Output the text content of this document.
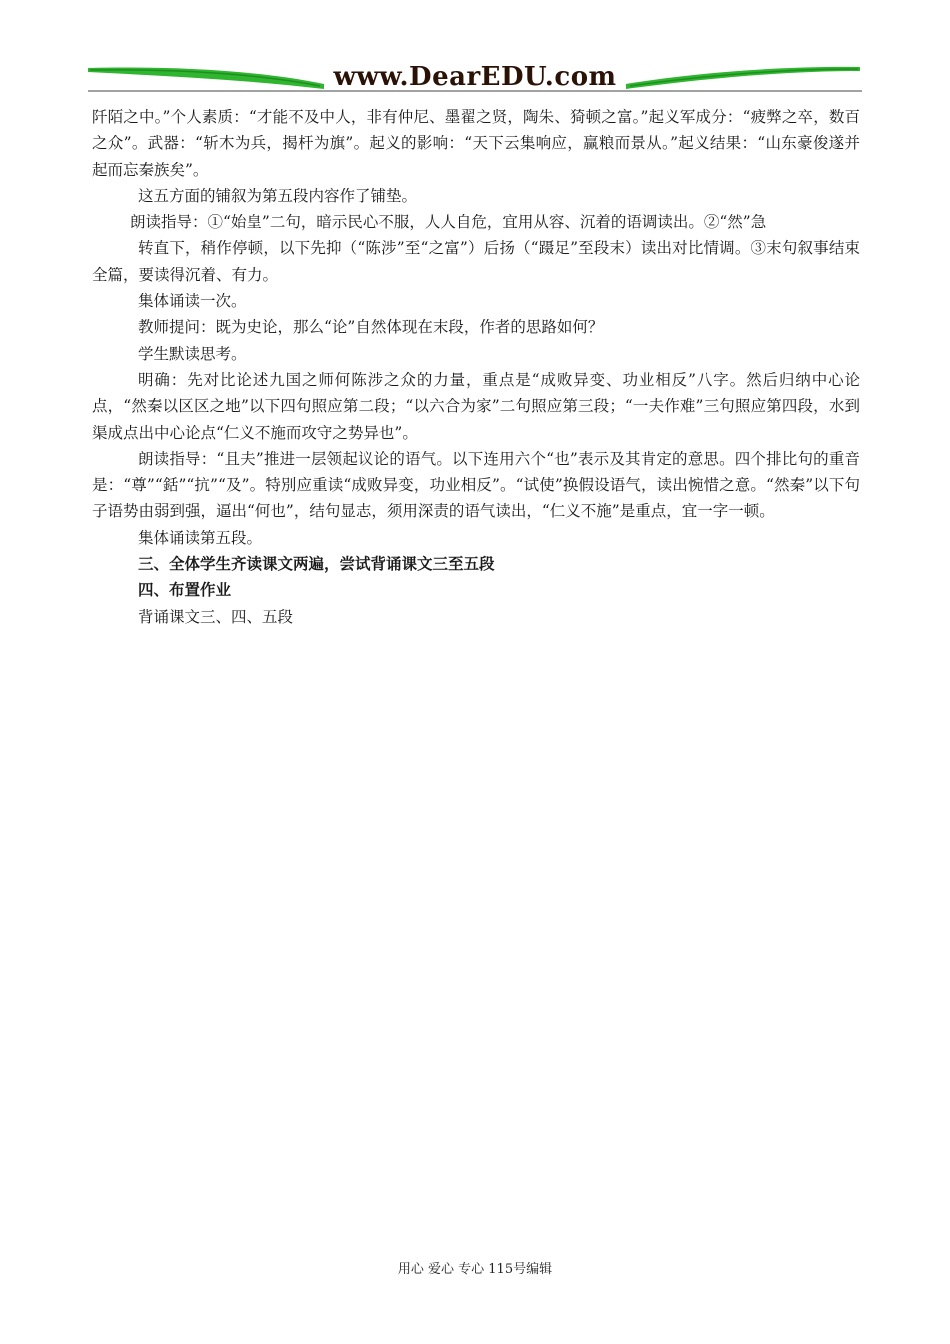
www.DearEDU.com

阡陌之中。”个人素质：“才能不及中人，非有仲尼、墨翟之贤，陶朱、猗顿之富。”起义军成分：“疲弊之卒，数百之众”。武器：“斩木为兵，揭杆为旗”。起义的影响：“天下云集响应，赢粮而景从。”起义结果：“山东豪俊遂并起而忘秦族矣”。

这五方面的铺叙为第五段内容作了铺垫。

朗读指导：①“始皇”二句，暗示民心不服，人人自危，宜用从容、沉着的语调读出。②“然”急

转直下，稍作停顿，以下先抑（“陈涉”至“之富”）后扬（“蹑足”至段末）读出对比情调。③末句叙事结束全篇，要读得沉着、有力。

集体诵读一次。

教师提问：既为史论，那么“论”自然体现在末段，作者的思路如何？

学生默读思考。

明确：先对比论述九国之师何陈涉之众的力量，重点是“成败异变、功业相反”八字。然后归纳中心论点，“然秦以区区之地”以下四句照应第二段；“以六合为家”二句照应第三段；“一夫作难”三句照应第四段，水到渠成点出中心论点“仁义不施而攻守之势异也”。

朗读指导：“且夫”推进一层领起议论的语气。以下连用六个“也”表示及其肯定的意思。四个排比句的重音是：“尊”“銛”“抗”“及”。特別应重读“成败异变，功业相反”。“试使”换假设语气，读出惋惜之意。“然秦”以下句子语势由弱到强，逼出“何也”，结句显志，须用深责的语气读出，“仁义不施”是重点，宜一字一顿。

集体诵读第五段。

三、全体学生齐读课文两遍，尝试背诵课文三至五段

四、布置作业

背诵课文三、四、五段

用心 爱心 专心 115号编辑
